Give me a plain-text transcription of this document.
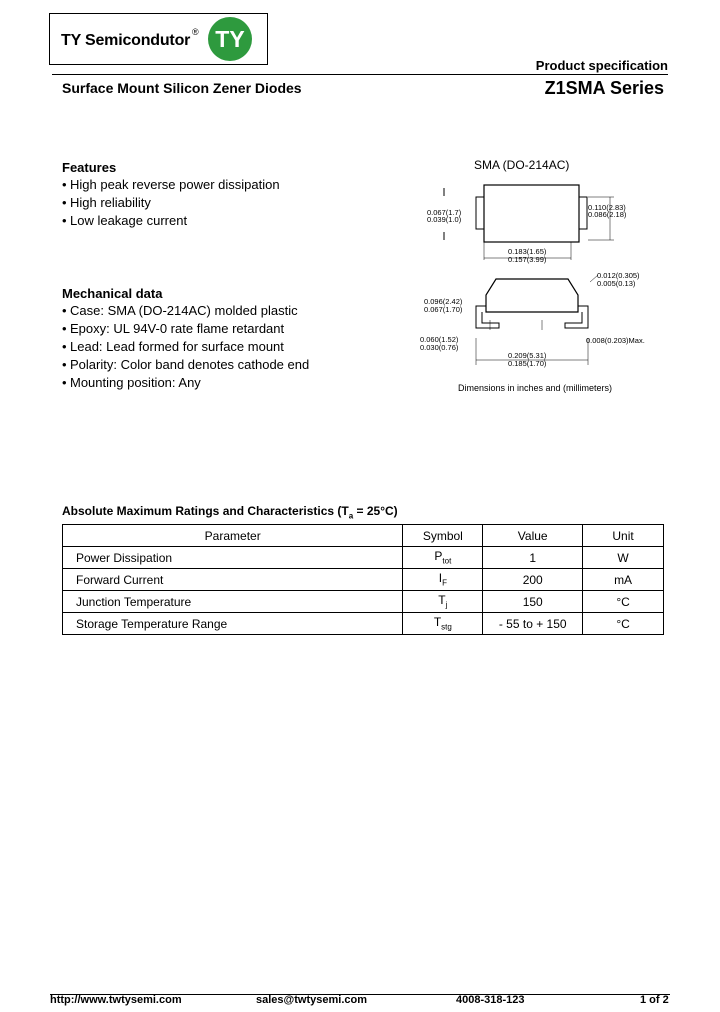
TY Semicondutor ® TY
Product specification
Surface Mount Silicon Zener Diodes	Z1SMA Series
Features
• High peak reverse power dissipation
• High reliability
• Low leakage current
Mechanical data
• Case: SMA (DO-214AC) molded plastic
• Epoxy: UL 94V-0 rate flame retardant
• Lead: Lead formed for surface mount
• Polarity: Color band denotes cathode end
• Mounting position: Any
SMA (DO-214AC)
0.067(1.7)
0.039(1.0)
0.110(2.83)
0.086(2.18)
0.183(1.65)
0.157(3.99)
0.012(0.305)
0.005(0.13)
0.096(2.42)
0.067(1.70)
0.060(1.52)
0.030(0.76)
0.209(5.31)
0.185(1.70)
0.008(0.203)Max.
Dimensions in inches and (millimeters)
Absolute Maximum Ratings and Characteristics $(T_a = 25^\circ C)$
Parameter	Symbol	Value	Unit
Power Dissipation	$P_{tot}$	1	W
Forward Current	$I_F$	200	mA
Junction Temperature	$T_j$	150	°C
Storage Temperature Range	$T_{stg}$	- 55 to + 150	°C
http://www.twtysemi.com	sales@twtysemi.com	4008-318-123	1 of 2
